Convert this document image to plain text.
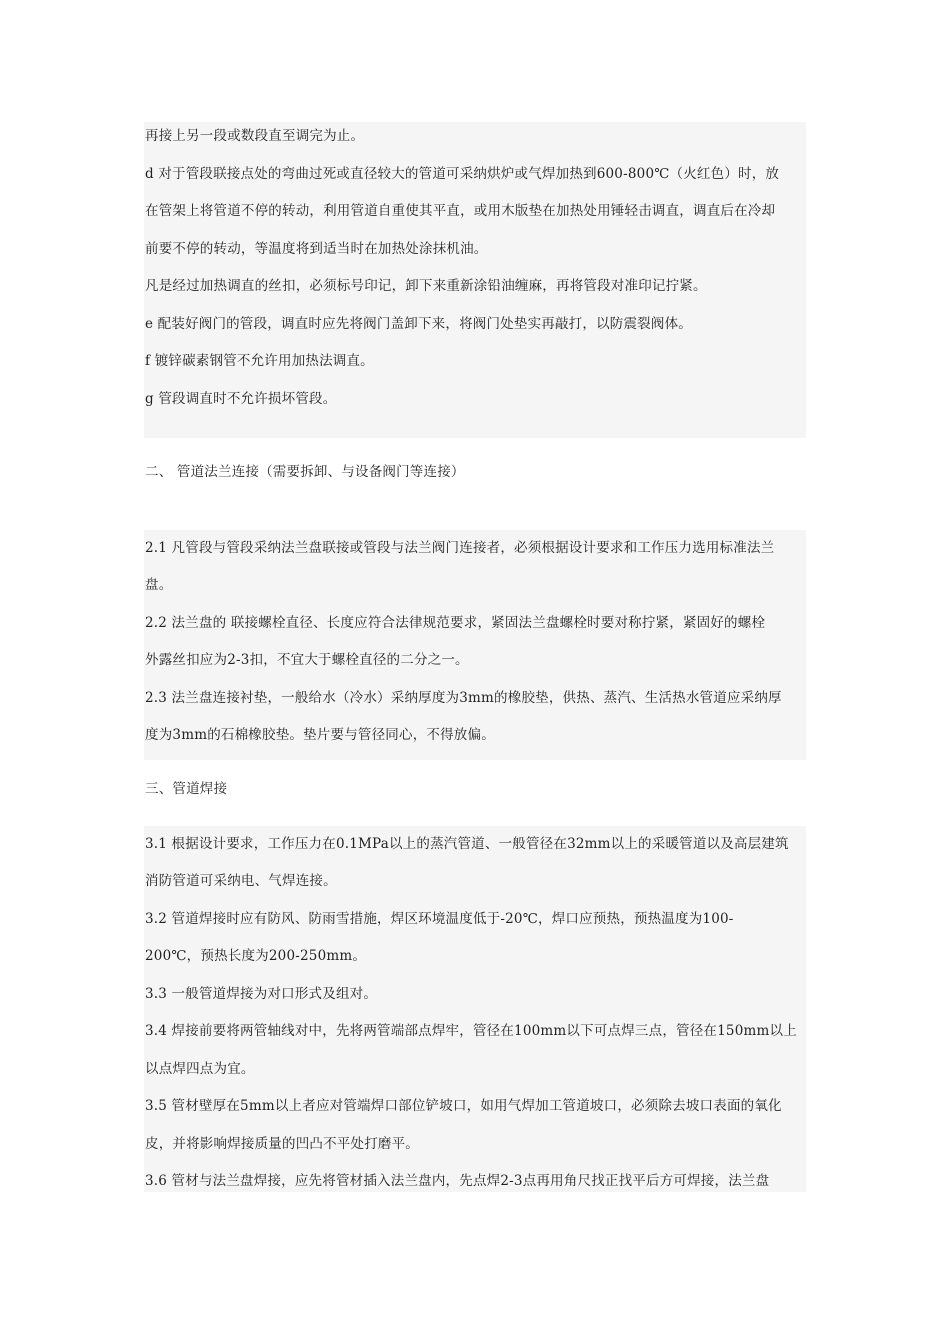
再接上另一段或数段直至调完为止。
d 对于管段联接点处的弯曲过死或直径较大的管道可采纳烘炉或气焊加热到600-800℃（火红色）时，放
在管架上将管道不停的转动，利用管道自重使其平直，或用木版垫在加热处用锤轻击调直，调直后在冷却
前要不停的转动，等温度将到适当时在加热处涂抹机油。
凡是经过加热调直的丝扣，必须标号印记，卸下来重新涂铅油缠麻，再将管段对准印记拧紧。
e 配装好阀门的管段，调直时应先将阀门盖卸下来，将阀门处垫实再敲打，以防震裂阀体。
f 镀锌碳素钢管不允许用加热法调直。
g 管段调直时不允许损坏管段。
二、 管道法兰连接（需要拆卸、与设备阀门等连接）
2.1 凡管段与管段采纳法兰盘联接或管段与法兰阀门连接者，必须根据设计要求和工作压力选用标准法兰
盘。
2.2 法兰盘的 联接螺栓直径、长度应符合法律规范要求，紧固法兰盘螺栓时要对称拧紧，紧固好的螺栓
外露丝扣应为2-3扣，不宜大于螺栓直径的二分之一。
2.3 法兰盘连接衬垫，一般给水（冷水）采纳厚度为3mm的橡胶垫，供热、蒸汽、生活热水管道应采纳厚
度为3mm的石棉橡胶垫。垫片要与管径同心，不得放偏。
三、管道焊接
3.1 根据设计要求，工作压力在0.1MPa以上的蒸汽管道、一般管径在32mm以上的采暖管道以及高层建筑
消防管道可采纳电、气焊连接。
3.2 管道焊接时应有防风、防雨雪措施，焊区环境温度低于-20℃，焊口应预热，预热温度为100-
200℃，预热长度为200-250mm。
3.3 一般管道焊接为对口形式及组对。
3.4 焊接前要将两管轴线对中，先将两管端部点焊牢，管径在100mm以下可点焊三点，管径在150mm以上
以点焊四点为宜。
3.5 管材壁厚在5mm以上者应对管端焊口部位铲坡口，如用气焊加工管道坡口，必须除去坡口表面的氧化
皮，并将影响焊接质量的凹凸不平处打磨平。
3.6 管材与法兰盘焊接，应先将管材插入法兰盘内，先点焊2-3点再用角尺找正找平后方可焊接，法兰盘
